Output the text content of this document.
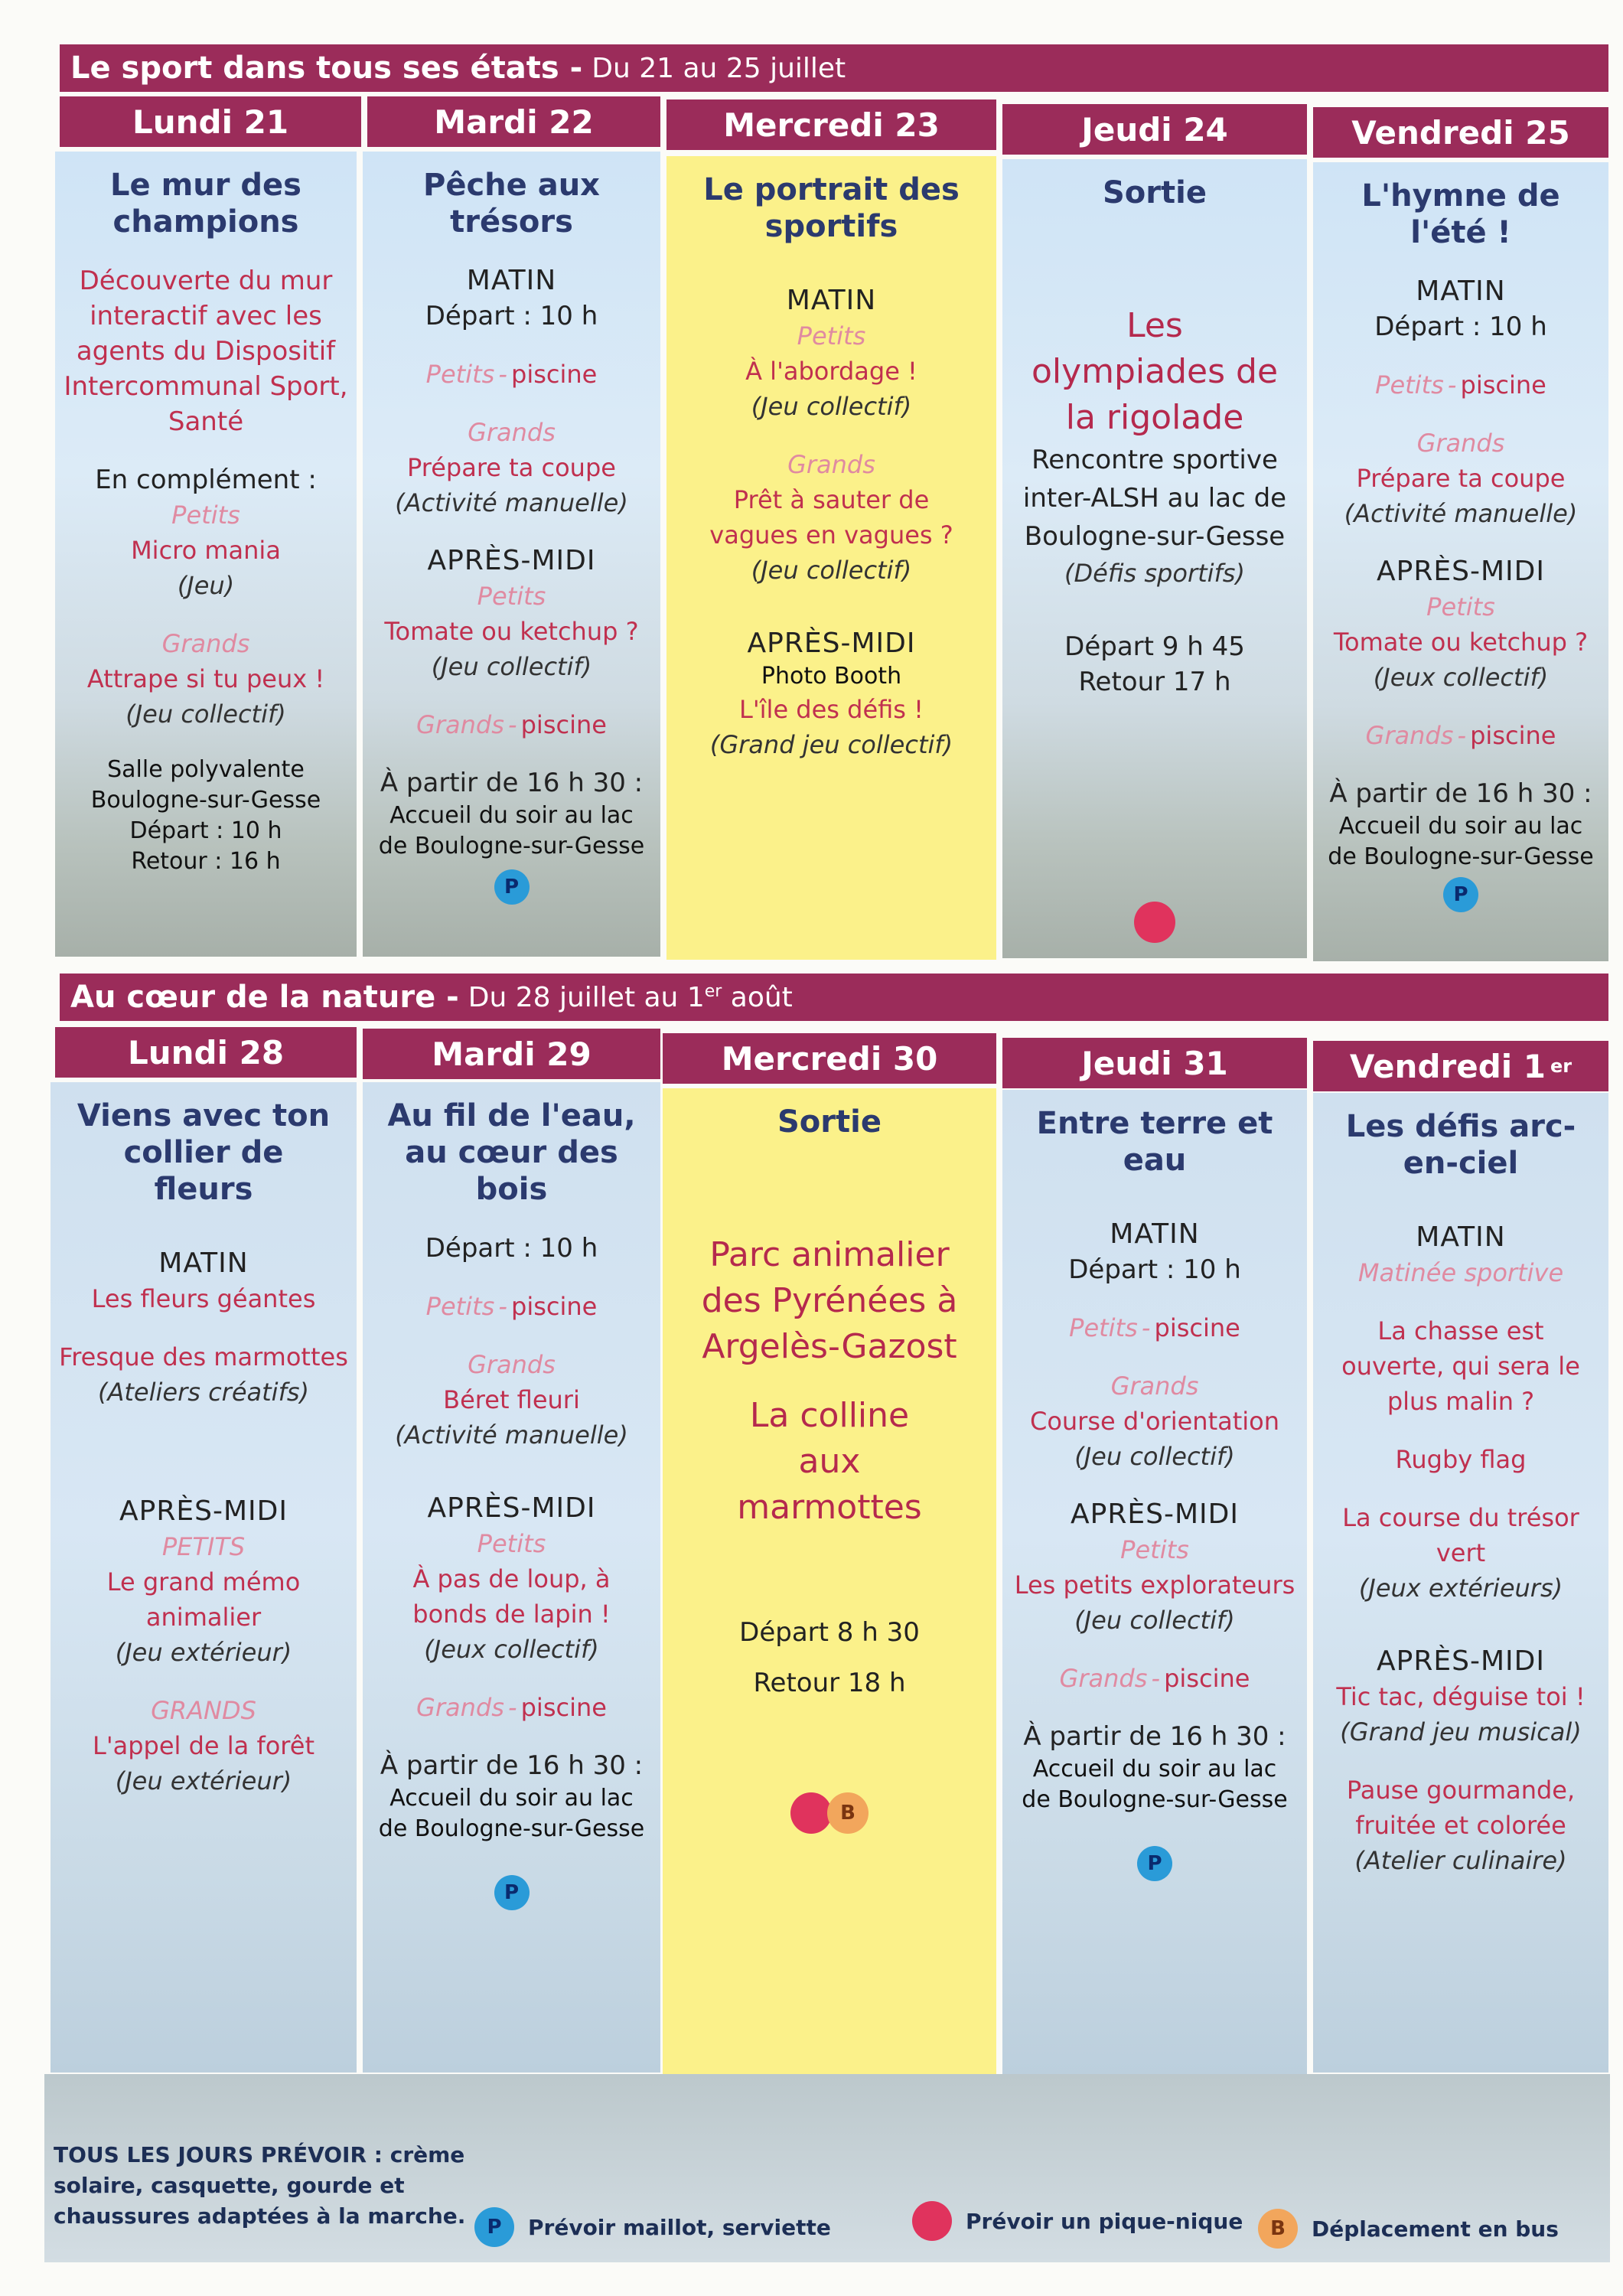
Le sport dans tous ses états - Du 21 au 25 juillet
Lundi 21	Mardi 22	Mercredi 23	Jeudi 24	Vendredi 25

Le mur des champions

Découverte du mur interactif avec les agents du Dispositif Intercommunal Sport, Santé

En complément :

Petits

Micro mania

(Jeu)

Grands

Attrape si tu peux !

(Jeu collectif)

Salle polyvalente

Boulogne-sur-Gesse

Départ : 10 h

Retour : 16 h

Pêche aux trésors

MATIN

Départ : 10 h

Petits - piscine

Grands

Prépare ta coupe

(Activité manuelle)

APRÈS-MIDI

Petits

Tomate ou ketchup ?

(Jeu collectif)

Grands - piscine

À partir de 16 h 30 :

Accueil du soir au lac de Boulogne-sur-Gesse

P

Le portrait des sportifs

MATIN

Petits

À l'abordage !

(Jeu collectif)

Grands

Prêt à sauter de vagues en vagues ?

(Jeu collectif)

APRÈS-MIDI

Photo Booth

L'île des défis !

(Grand jeu collectif)

Sortie

Les olympiades de la rigolade

Rencontre sportive inter-ALSH au lac de Boulogne-sur-Gesse

(Défis sportifs)

Départ 9 h 45

Retour 17 h

L'hymne de l'été !

MATIN

Départ : 10 h

Petits - piscine

Grands

Prépare ta coupe

(Activité manuelle)

APRÈS-MIDI

Petits

Tomate ou ketchup ?

(Jeux collectif)

Grands - piscine

À partir de 16 h 30 :

Accueil du soir au lac de Boulogne-sur-Gesse

P

Au cœur de la nature - Du 28 juillet au 1er août
Lundi 28	Mardi 29	Mercredi 30	Jeudi 31	Vendredi 1 er

Viens avec ton collier de fleurs

MATIN

Les fleurs géantes

Fresque des marmottes

(Ateliers créatifs)

APRÈS-MIDI

PETITS

Le grand mémo animalier

(Jeu extérieur)

GRANDS

L'appel de la forêt

(Jeu extérieur)

Au fil de l'eau, au cœur des bois

Départ : 10 h

Petits - piscine

Grands

Béret fleuri

(Activité manuelle)

APRÈS-MIDI

Petits

À pas de loup, à bonds de lapin !

(Jeux collectif)

Grands - piscine

À partir de 16 h 30 :

Accueil du soir au lac de Boulogne-sur-Gesse

P

Sortie

Parc animalier des Pyrénées à Argelès-Gazost

La colline aux marmottes

Départ 8 h 30

Retour 18 h

B

Entre terre et eau

MATIN

Départ : 10 h

Petits - piscine

Grands

Course d'orientation

(Jeu collectif)

APRÈS-MIDI

Petits

Les petits explorateurs

(Jeu collectif)

Grands - piscine

À partir de 16 h 30 :

Accueil du soir au lac de Boulogne-sur-Gesse

P

Les défis arc-en-ciel

MATIN

Matinée sportive

La chasse est ouverte, qui sera le plus malin ?

Rugby flag

La course du trésor vert

(Jeux extérieurs)

APRÈS-MIDI

Tic tac, déguise toi !

(Grand jeu musical)

Pause gourmande, fruitée et colorée

(Atelier culinaire)

TOUS LES JOURS PRÉVOIR : crème solaire, casquette, gourde et chaussures adaptées à la marche.	P	Prévoir maillot, serviette	Prévoir un pique-nique	B	Déplacement en bus
